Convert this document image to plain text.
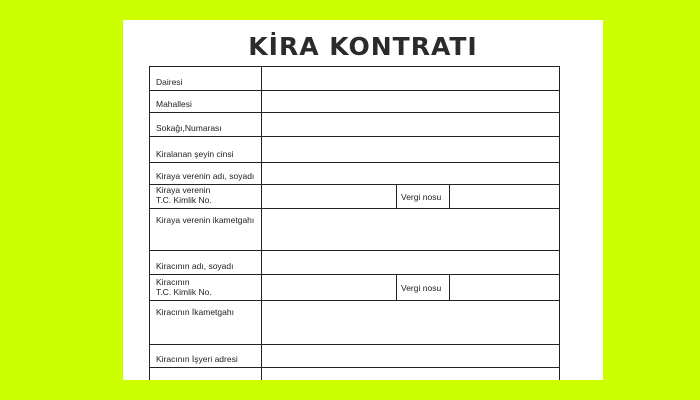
KİRA KONTRATI
Dairesi
Mahallesi
Sokağı,Numarası
Kiralanan şeyin cinsi
Kiraya verenin adı, soyadı
Kiraya verenin
T.C. Kimlik No.	Vergi nosu
Kiraya verenin ikametgahı
Kiracının adı, soyadı
Kiracının
T.C. Kimlik No.	Vergi nosu
Kiracının İkametgahı
Kiracının İşyeri adresi
